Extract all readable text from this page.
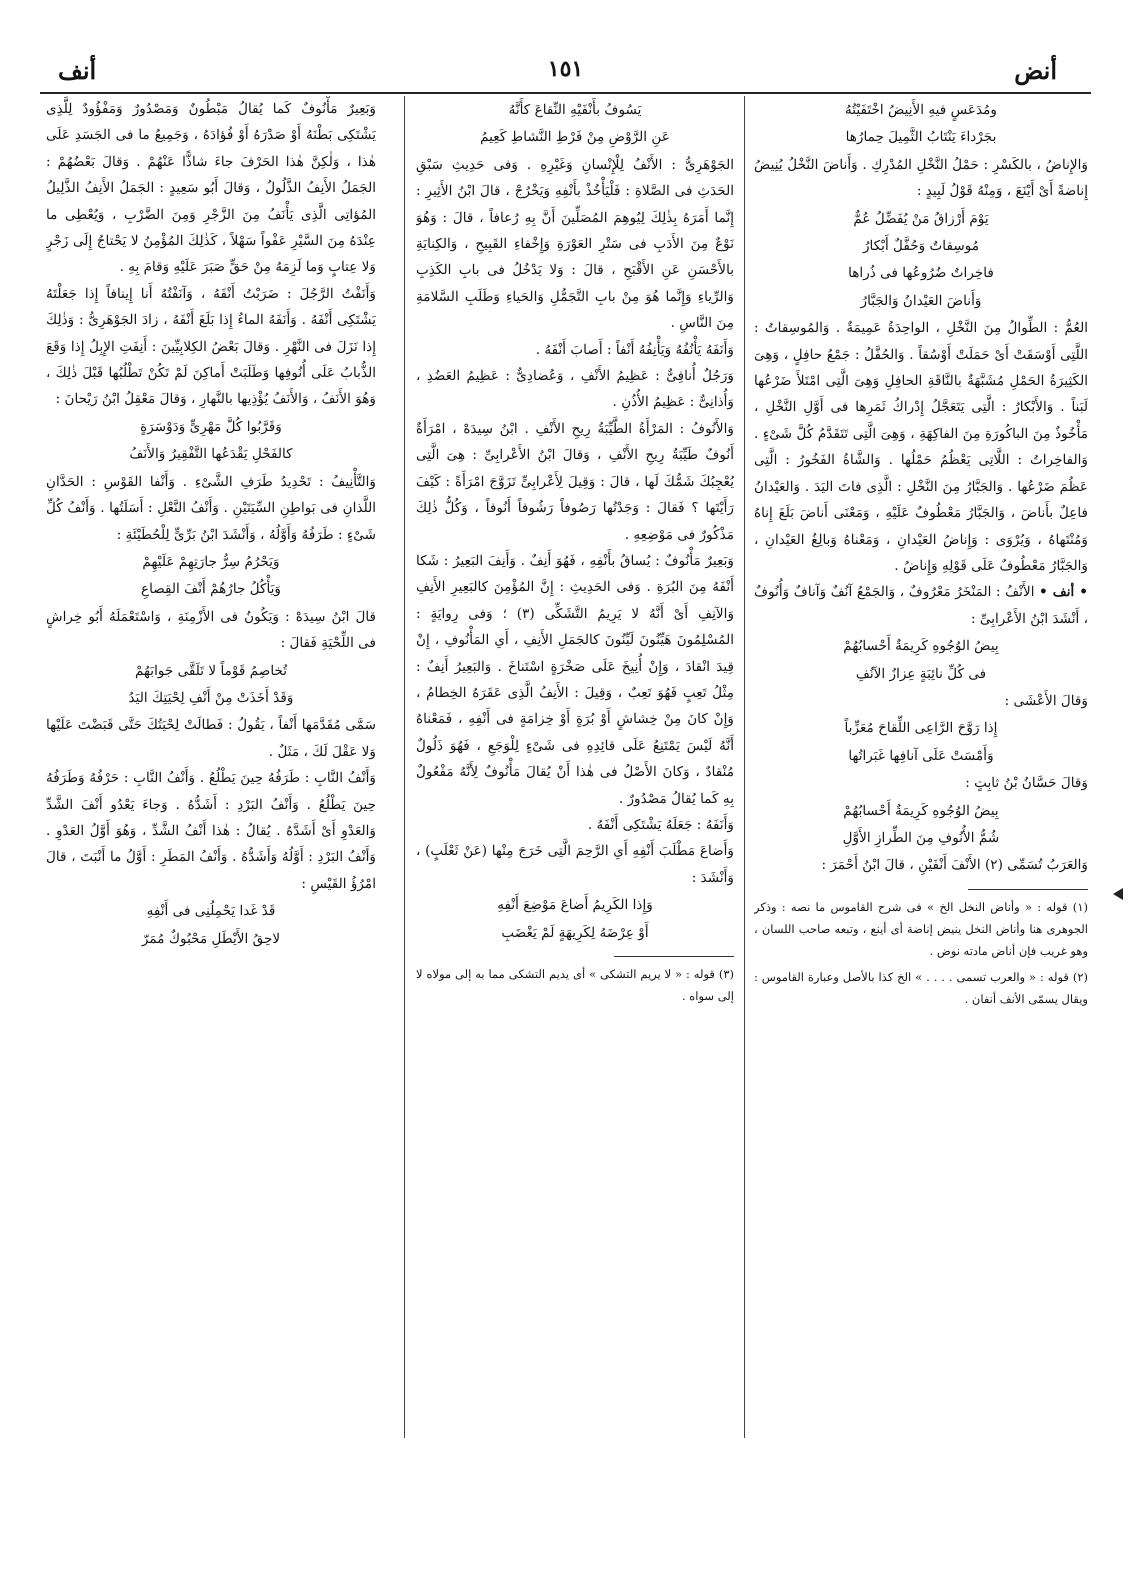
أنض
١٥١
أنف

ومُدَعَسٍ فيهِ الأَنِيضُ اخْتَفَيْتُهُ

بجَرْداءَ يَنْتَابُ الثَّمِيلَ حِمارُها

وَالإِناضُ ، بالكَسْرِ : حَمْلُ النَّخْلِ المُدْرِكِ . وَأَناضَ النَّخْلُ يُنِيضُ إِناضةً أَىْ أَيْنَعَ ، وَمِنْهُ قَوْلُ لَبِيدٍ :

يَوْمَ أَرْزاقُ مَنْ يُفَضِّلُ عُمٌّ

مُوسِقاتٌ وَحُفَّلٌ أَبْكارُ

فاخِراتٌ ضُرُوعُها فى ذُراها

وَأَناضَ العَيْدانُ وَالجَبَّارُ

العُمُّ : الطِّوالُ مِنَ النَّخْلِ ، الواحِدَةُ عَمِيمَةٌ . وَالمُوسِقاتُ : اللَّتِى أَوْسَقَتْ أَىْ حَمَلَتْ أَوْسُقاً . وَالحُفَّلُ : جَمْعُ حافِلٍ ، وَهِىَ الكَثِيرَةُ الحَمْلِ مُشَبَّهَةٌ بالنَّاقَةِ الحافِلِ وَهِىَ الَّتِى امْتَلأَ ضَرْعُها لَبَناً . وَالأَبْكارُ : الَّتِى يَتَعَجَّلُ إِدْراكُ ثَمَرِها فى أَوَّلِ النَّخْلِ ، مَأْخُوذٌ مِنَ الباكُورَةِ مِنَ الفاكِهَةِ ، وَهِىَ الَّتِى تَتَقَدَّمُ كُلَّ شَىْءٍ . وَالفاخِراتُ : اللَّاتِى يَعْظُمُ حَمْلُها . وَالشَّاةُ الفَخُورُ : الَّتِى عَظُمَ ضَرْعُها . وَالجَبَّارُ مِنَ النَّخْلِ : الَّذِى فاتَ اليَدَ . وَالعَيْدانُ فاعِلٌ بأَناضَ ، وَالجَبَّارُ مَعْطُوفٌ عَلَيْهِ ، وَمَعْنَى أَناضَ بَلَغَ إِناهُ وَمُنْتَهاهُ ، وَيُرْوَى : وَإِناضُ العَيْدانِ ، وَمَعْناهُ وَبالِغُ العَيْدانِ ، وَالجَبَّارُ مَعْطُوفٌ عَلَى قَوْلِهِ وَإِناضُ .

• أنف • الأَنْفُ : المَنْخَرُ مَعْرُوفٌ ، وَالجَمْعُ آنُفٌ وَآنافٌ وَأُنُوفٌ ، أَنْشَدَ ابْنُ الأَعْرابِىِّ :

بِيضُ الوُجُوهِ كَرِيمَةٌ أَحْسابُهُمْ

فى كُلِّ نائِبَةٍ عِزازُ الآنُفِ

وَقالَ الأَعْشَى :

إِذا رَوَّحَ الرَّاعِى اللِّقاحَ مُعَزِّباً

وَأَمْسَتْ عَلَى آنافِها غَبَراتُها

وَقالَ حَسَّانُ بْنُ ثابِتٍ :

بِيضُ الوُجُوهِ كَرِيمَةٌ أَحْسابُهُمْ

شُمُّ الأُنُوفِ مِنَ الطِّرازِ الأَوَّلِ

وَالعَرَبُ تُسَمِّى (٢) الأَنْفَ أَنْفَيْنِ ، قالَ ابْنُ أَحْمَرَ :

(١) قوله : « وأناض النخل الخ » فى شرح القاموس ما نصه : وذكر الجوهرى هنا وأناض النخل ينيض إناضة أى أينع ، وتبعه صاحب اللسان ، وهو غريب فإن أناض مادته نوض .

(٢) قوله : « والعرب تسمى . . . . » الخ كذا بالأصل وعبارة القاموس : ويقال يسمّى الأنف أنفان .

يَسُوفُ بأَنْفَيْهِ النِّقاعَ كأَنَّهُ

عَنِ الرَّوْضِ مِنْ فَرْطِ النَّشاطِ كَعِيمُ

الجَوْهَرِىُّ : الأَنْفُ لِلْإِنْسانِ وَغَيْرِهِ . وَفى حَدِيثِ سَبْقِ الحَدَثِ فى الصَّلاةِ : فَلْيَأْخُذْ بأَنْفِهِ وَيَخْرُجْ ، قالَ ابْنُ الأَثِيرِ : إِنَّما أَمَرَهُ بِذٰلِكَ لِيُوهِمَ المُصَلِّينَ أَنَّ بِهِ رُعافاً ، قالَ : وَهُوَ نَوْعٌ مِنَ الأَدَبِ فى سَتْرِ العَوْرَةِ وَإِخْفاءِ القَبِيحِ ، وَالكِنايَةِ بالأَحْسَنِ عَنِ الأَقْبَحِ ، قالَ : وَلا يَدْخُلُ فى بابِ الكَذِبِ وَالرِّياءِ وَإِنَّما هُوَ مِنْ بابِ التَّجَمُّلِ وَالحَياءِ وَطَلَبِ السَّلامَةِ مِنَ النَّاسِ .

وَأَنَفَهُ يَأْنُفُهُ وَيَأْنِفُهُ أَنْفاً : أَصابَ أَنْفَهُ .

وَرَجُلٌ أُنافِىٌّ : عَظِيمُ الأَنْفِ ، وَعُضادِىٌّ : عَظِيمُ العَضُدِ ، وَأُذانِىٌّ : عَظِيمُ الأُذُنِ .

وَالأَنُوفُ : المَرْأَةُ الطَّيِّبَةُ رِيحِ الأَنْفِ . ابْنُ سِيدَهْ ، امْرَأَةٌ أَنُوفٌ طَيِّبَةُ رِيحِ الأَنْفِ ، وَقالَ ابْنُ الأَعْرابِىِّ : هِىَ الَّتِى يُعْجِبُكَ شَمُّكَ لَها ، قالَ : وَقِيلَ لِأَعْرابِىٍّ تَزَوَّجَ امْرَأَةً : كَيْفَ رَأَيْتَها ؟ فَقالَ : وَجَدْتُها رَصُوفاً رَشُوفاً أَنُوفاً ، وَكُلُّ ذٰلِكَ مَذْكُورٌ فى مَوْضِعِهِ .

وَبَعِيرٌ مَأْنُوفٌ : يُساقُ بأَنْفِهِ ، فَهُوَ أَنِفٌ . وَأَنِفَ البَعِيرُ : شَكا أَنْفَهُ مِنَ البُرَةِ . وَفى الحَدِيثِ : إِنَّ المُؤْمِنَ كالبَعِيرِ الأَنِفِ وَالآنِفِ أَىْ أَنَّهُ لا يَرِيمُ التَّشَكِّى (٣) ؛ وَفى رِوايَةٍ : المُسْلِمُونَ هَيِّنُونَ لَيِّنُونَ كالجَمَلِ الأَنِفِ ، أَىِ المَأْنُوفِ ، إِنْ قِيدَ انْقادَ ، وَإِنْ أُنِيخَ عَلَى صَخْرَةٍ اسْتَناخَ . وَالبَعِيرُ أَنِفٌ : مِثْلُ تَعِبٍ فَهُوَ تَعِبٌ ، وَقِيلَ : الأَنِفُ الَّذِى عَقَرَهُ الخِطامُ ، وَإِنْ كانَ مِنْ خِشاشٍ أَوْ بُرَةٍ أَوْ خِزامَةٍ فى أَنْفِهِ ، فَمَعْناهُ أَنَّهُ لَيْسَ يَمْتَنِعُ عَلَى قائِدِهِ فى شَىْءٍ لِلْوَجَعِ ، فَهُوَ ذَلُولٌ مُنْقادٌ ، وَكانَ الأَصْلُ فى هٰذا أَنْ يُقالَ مَأْنُوفٌ لِأَنَّهُ مَفْعُولٌ بِهِ كَما يُقالُ مَصْدُورٌ .

وَأَنَفَهُ : جَعَلَهُ يَشْتَكِى أَنْفَهُ .

وَأَضاعَ مَطْلَبَ أَنْفِهِ أَىِ الرَّحِمَ الَّتِى خَرَجَ مِنْها (عَنْ ثَعْلَبٍ) ، وَأَنْشَدَ :

وَإِذا الكَرِيمُ أَضاعَ مَوْضِعَ أَنْفِهِ

أَوْ عِرْضَهُ لِكَرِيهَةٍ لَمْ يَغْضَبِ

(٣) قوله : « لا يريم التشكى » أى يديم التشكى مما به إلى مولاه لا إلى سواه .

وَبَعِيرٌ مَأْنُوفٌ كَما يُقالُ مَبْطُونٌ وَمَصْدُورٌ وَمَفْؤُودٌ لِلَّذِى يَشْتَكِى بَطْنَهُ أَوْ صَدْرَهُ أَوْ فُؤادَهُ ، وَجَمِيعُ ما فى الجَسَدِ عَلَى هٰذا ، وَلٰكِنَّ هٰذا الحَرْفَ جاءَ شاذًّا عَنْهُمْ . وَقالَ بَعْضُهُمْ : الجَمَلُ الأَنِفُ الذَّلُولُ ، وَقالَ أَبُو سَعِيدٍ : الجَمَلُ الأَنِفُ الذَّلِيلُ المُؤاتِى الَّذِى يَأْنَفُ مِنَ الزَّجْرِ وَمِنَ الضَّرْبِ ، وَيُعْطِى ما عِنْدَهُ مِنَ السَّيْرِ عَفْواً سَهْلاً ، كَذٰلِكَ المُؤْمِنُ لا يَحْتاجُ إِلَى زَجْرٍ وَلا عِتابٍ وَما لَزِمَهُ مِنْ حَقٍّ صَبَرَ عَلَيْهِ وَقامَ بِهِ .

وَأَنَفْتُ الرَّجُلَ : ضَرَبْتُ أَنْفَهُ ، وَآنَفْتُهُ أَنا إِينافاً إِذا جَعَلْتَهُ يَشْتَكِى أَنْفَهُ . وَأَنَفَهُ الماءُ إِذا بَلَغَ أَنْفَهُ ، زادَ الجَوْهَرِىُّ : وَذٰلِكَ إِذا نَزَلَ فى النَّهْرِ . وَقالَ بَعْضُ الكِلابِيِّينَ : أَنِفَتِ الإِبِلُ إِذا وَقَعَ الذُّبابُ عَلَى أُنُوفِها وَطَلَبَتْ أَماكِنَ لَمْ تَكُنْ تَطْلُبُها قَبْلَ ذٰلِكَ ، وَهُوَ الأَنَفُ ، وَالأَنَفُ يُؤْذِيها بالنَّهارِ ، وَقالَ مَعْقِلُ ابْنُ رَيْحانَ :

وَقَرَّبُوا كُلَّ مَهْرِىٍّ وَدَوْسَرَةٍ

كالفَحْلِ يَقْدَعُها التَّفْقِيرُ وَالأَنَفُ

وَالتَّأْنِيفُ : تَحْدِيدُ طَرَفِ الشَّىْءِ . وَأَنْفا القَوْسِ : الحَدَّانِ اللَّذانِ فى بَواطِنِ السِّيَتَيْنِ . وَأَنْفُ النَّعْلِ : أَسَلَتُها . وَأَنْفُ كُلِّ شَىْءٍ : طَرَفُهُ وَأَوَّلُهُ ، وَأَنْشَدَ ابْنُ بَرِّىٍّ لِلْحُطَيْئَةِ :

وَيَحْرُمُ سِرُّ جارَتِهِمْ عَلَيْهِمْ

وَيَأْكُلُ جارُهُمْ أَنْفَ القِصاعِ

قالَ ابْنُ سِيدَهْ : وَيَكُونُ فى الأَزْمِنَةِ ، وَاسْتَعْمَلَهُ أَبُو خِراشٍ فى اللِّحْيَةِ فَقالَ :

تُخاصِمُ قَوْماً لا تَلَقَّى جَوابَهُمْ

وَقَدْ أَخَذَتْ مِنْ أَنْفِ لِحْيَتِكَ اليَدُ

سَمَّى مُقَدَّمَها أَنْفاً ، يَقُولُ : فَطالَتْ لِحْيَتُكَ حَتَّى قَبَضْتَ عَلَيْها وَلا عَقْلَ لَكَ ، مَثَلٌ .

وَأَنْفُ النَّابِ : طَرَفُهُ حِينَ يَطْلُعُ . وَأَنْفُ النَّابِ : حَرْفُهُ وَطَرَفُهُ حِينَ يَطْلُعُ . وَأَنْفُ البَرْدِ : أَشَدُّهُ . وَجاءَ يَعْدُو أَنْفَ الشَّدِّ وَالعَدْوِ أَىْ أَشَدَّهُ . يُقالُ : هٰذا أَنْفُ الشَّدِّ ، وَهُوَ أَوَّلُ العَدْوِ . وَأَنْفُ البَرْدِ : أَوَّلُهُ وَأَشَدُّهُ . وَأَنْفُ المَطَرِ : أَوَّلُ ما أَنْبَتَ ، قالَ امْرُؤُ القَيْسِ :

قَدْ غَدا يَحْمِلُنِى فى أَنْفِهِ

لاحِقُ الأَيْطَلِ مَحْبُوكٌ مُمَرّ
